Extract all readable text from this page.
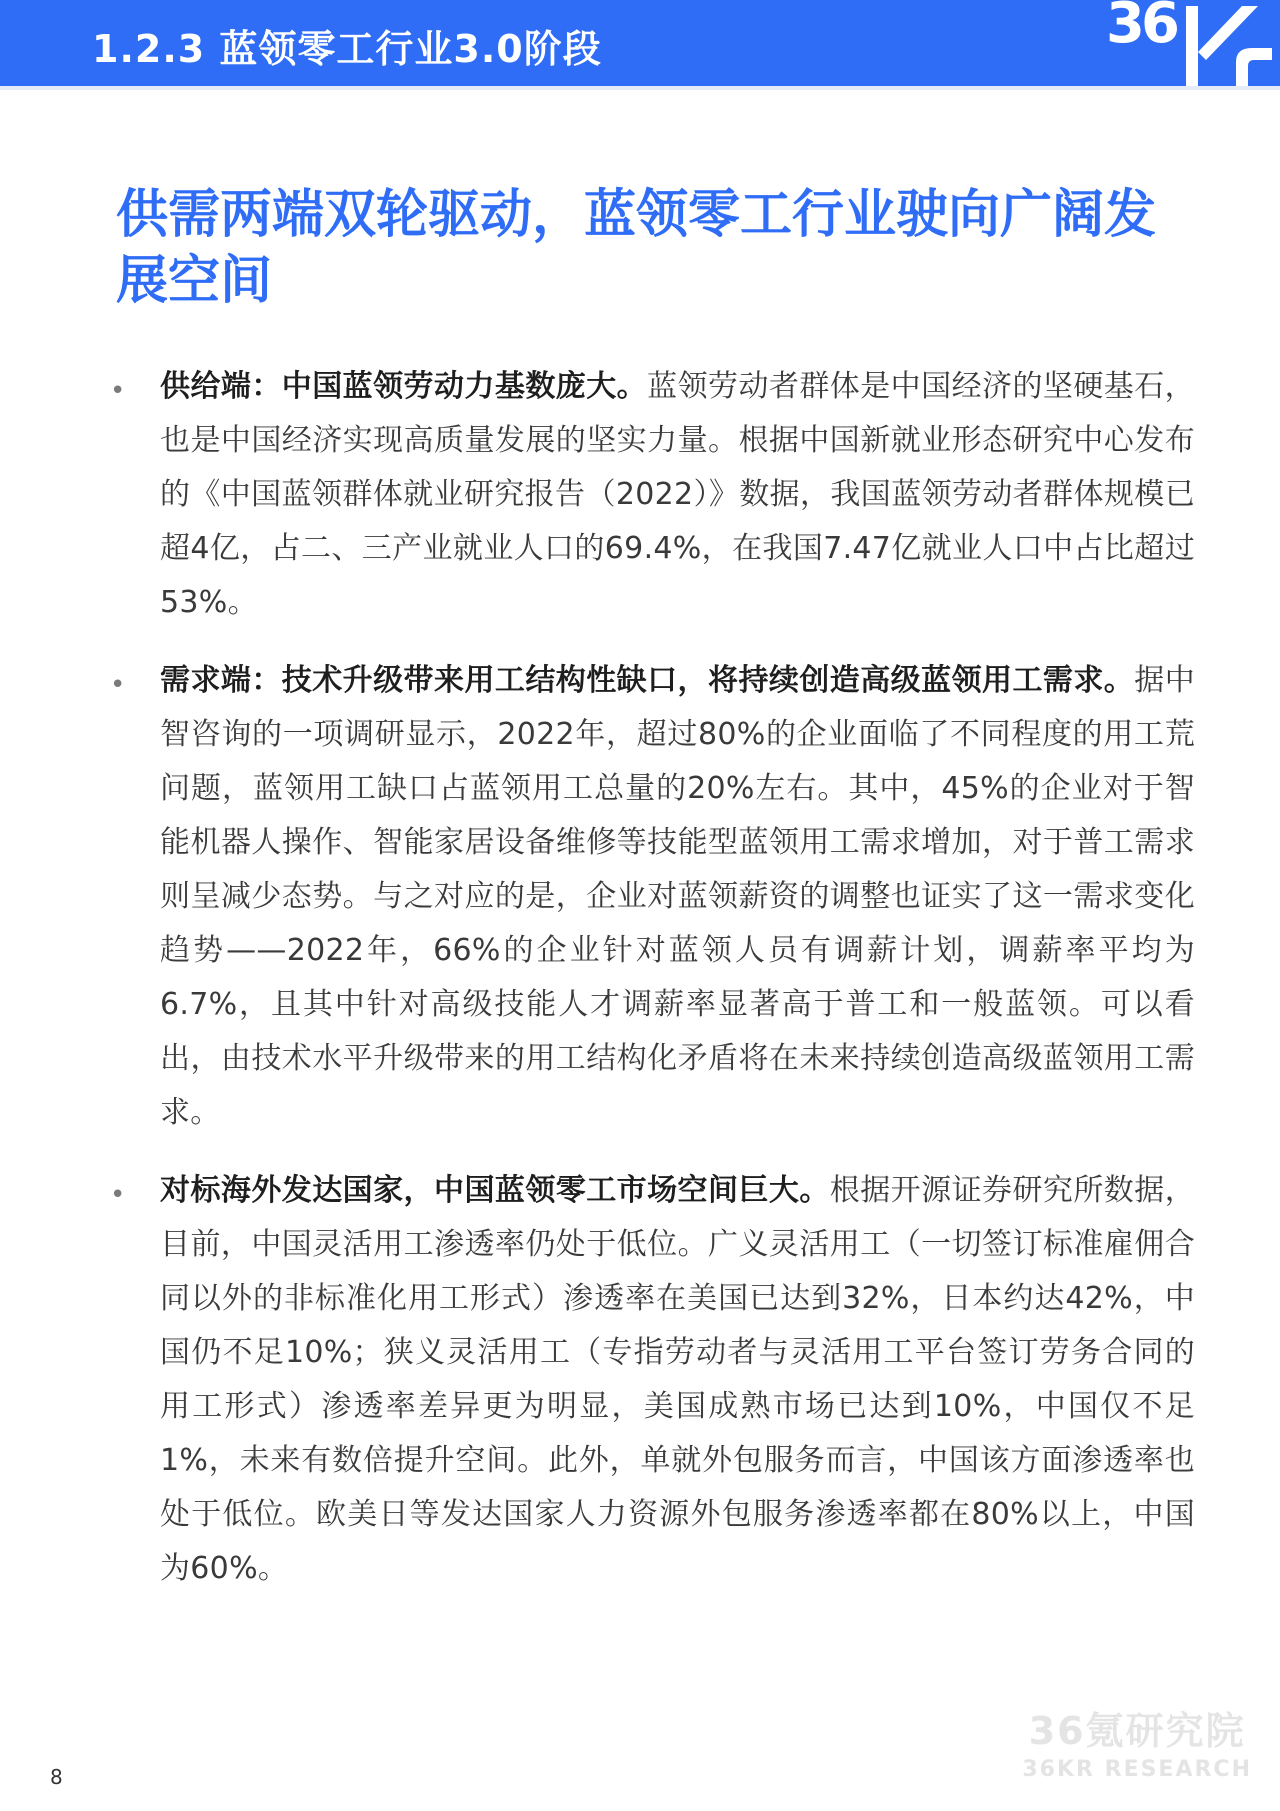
1.2.3 蓝领零工行业3.0阶段	36
供需两端双轮驱动，蓝领零工行业驶向广阔发展空间
• 供给端：中国蓝领劳动力基数庞大。蓝领劳动者群体是中国经济的坚硬基石，也是中国经济实现高质量发展的坚实力量。根据中国新就业形态研究中心发布的《中国蓝领群体就业研究报告（2022）》数据，我国蓝领劳动者群体规模已超4亿，占二、三产业就业人口的69.4%，在我国7.47亿就业人口中占比超过53%。
• 需求端：技术升级带来用工结构性缺口，将持续创造高级蓝领用工需求。据中智咨询的一项调研显示，2022年，超过80%的企业面临了不同程度的用工荒问题，蓝领用工缺口占蓝领用工总量的20%左右。其中，45%的企业对于智能机器人操作、智能家居设备维修等技能型蓝领用工需求增加，对于普工需求则呈减少态势。与之对应的是，企业对蓝领薪资的调整也证实了这一需求变化趋势——2022年，66%的企业针对蓝领人员有调薪计划，调薪率平均为6.7%，且其中针对高级技能人才调薪率显著高于普工和一般蓝领。可以看出，由技术水平升级带来的用工结构化矛盾将在未来持续创造高级蓝领用工需求。
• 对标海外发达国家，中国蓝领零工市场空间巨大。根据开源证券研究所数据，目前，中国灵活用工渗透率仍处于低位。广义灵活用工（一切签订标准雇佣合同以外的非标准化用工形式）渗透率在美国已达到32%，日本约达42%，中国仍不足10%；狭义灵活用工（专指劳动者与灵活用工平台签订劳务合同的用工形式）渗透率差异更为明显，美国成熟市场已达到10%，中国仅不足1%，未来有数倍提升空间。此外，单就外包服务而言，中国该方面渗透率也处于低位。欧美日等发达国家人力资源外包服务渗透率都在80%以上，中国为60%。
8
36氪研究院
36KR RESEARCH
